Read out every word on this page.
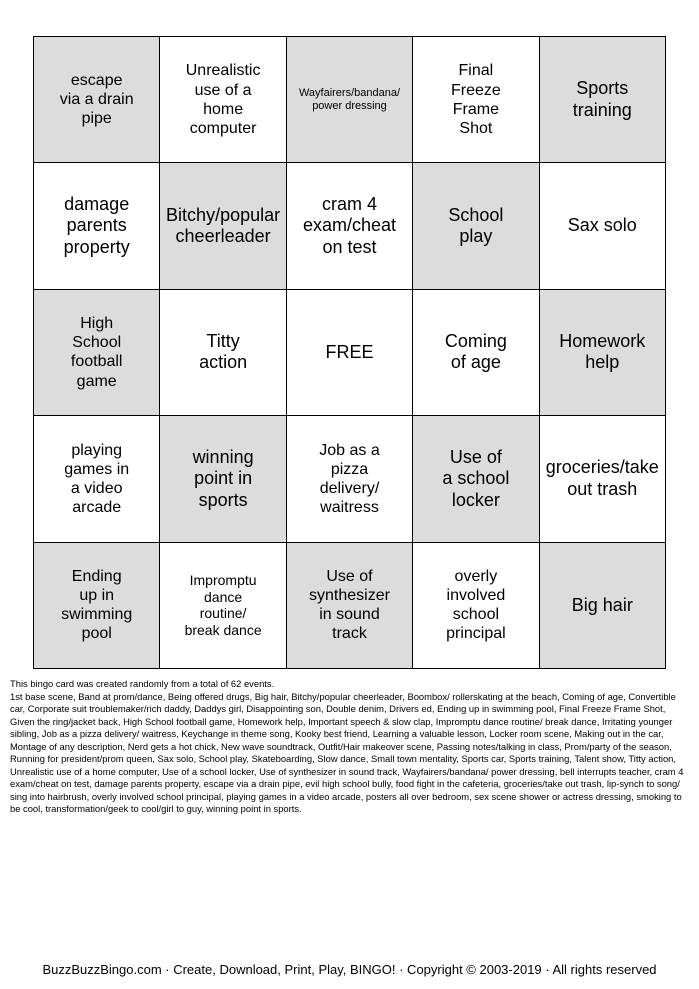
escape
via a drain
pipe
Unrealistic
use of a
home
computer
Wayfairers/bandana/
power dressing
Final
Freeze
Frame
Shot
Sports
training
damage
parents
property
Bitchy/popular
cheerleader
cram 4
exam/cheat
on test
School
play
Sax solo
High
School
football
game
Titty
action
FREE
Coming
of age
Homework
help
playing
games in
a video
arcade
winning
point in
sports
Job as a
pizza
delivery/
waitress
Use of
a school
locker
groceries/take
out trash
Ending
up in
swimming
pool
Impromptu
dance
routine/
break dance
Use of
synthesizer
in sound
track
overly
involved
school
principal
Big hair

This bingo card was created randomly from a total of 62 events.

1st base scene, Band at prom/dance, Being offered drugs, Big hair, Bitchy/popular cheerleader, Boombox/ rollerskating at the beach, Coming of age, Convertible car, Corporate suit troublemaker/rich daddy, Daddys girl, Disappointing son, Double denim, Drivers ed, Ending up in swimming pool, Final Freeze Frame Shot, Given the ring/jacket back, High School football game, Homework help, Important speech & slow clap, Impromptu dance routine/ break dance, Irritating younger sibling, Job as a pizza delivery/ waitress, Keychange in theme song, Kooky best friend, Learning a valuable lesson, Locker room scene, Making out in the car, Montage of any description, Nerd gets a hot chick, New wave soundtrack, Outfit/Hair makeover scene, Passing notes/talking in class, Prom/party of the season, Running for president/prom queen, Sax solo, School play, Skateboarding, Slow dance, Small town mentality, Sports car, Sports training, Talent show, Titty action, Unrealistic use of a home computer, Use of a school locker, Use of synthesizer in sound track, Wayfairers/bandana/ power dressing, bell interrupts teacher, cram 4 exam/cheat on test, damage parents property, escape via a drain pipe, evil high school bully, food fight in the cafeteria, groceries/take out trash, lip-synch to song/ sing into hairbrush, overly involved school principal, playing games in a video arcade, posters all over bedroom, sex scene shower or actress dressing, smoking to be cool, transformation/geek to cool/girl to guy, winning point in sports.

BuzzBuzzBingo.com · Create, Download, Print, Play, BINGO! · Copyright © 2003-2019 · All rights reserved
